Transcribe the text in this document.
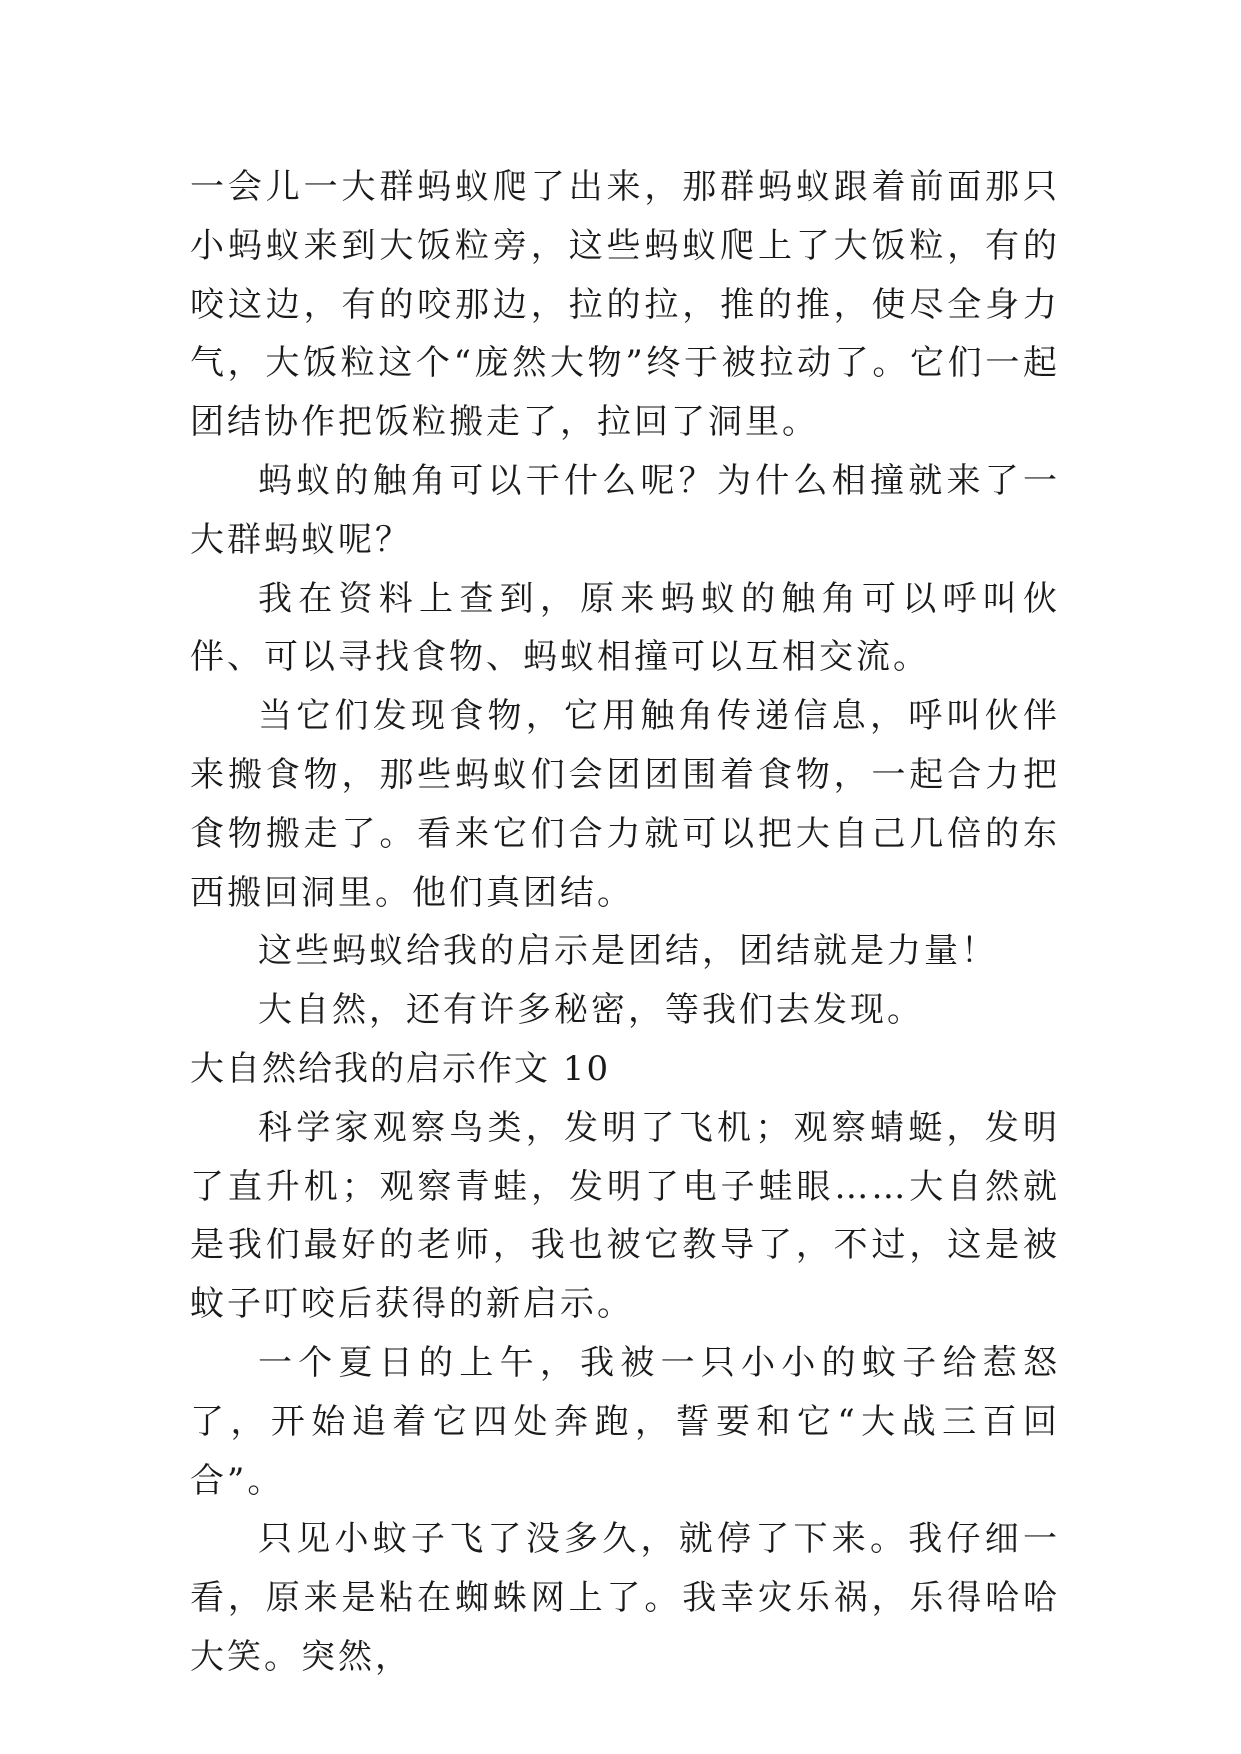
一会儿一大群蚂蚁爬了出来，那群蚂蚁跟着前面那只小蚂蚁来到大饭粒旁，这些蚂蚁爬上了大饭粒，有的咬这边，有的咬那边，拉的拉，推的推，使尽全身力气，大饭粒这个“庞然大物”终于被拉动了。它们一起团结协作把饭粒搬走了，拉回了洞里。

蚂蚁的触角可以干什么呢？为什么相撞就来了一大群蚂蚁呢？

我在资料上查到，原来蚂蚁的触角可以呼叫伙伴、可以寻找食物、蚂蚁相撞可以互相交流。

当它们发现食物，它用触角传递信息，呼叫伙伴来搬食物，那些蚂蚁们会团团围着食物，一起合力把食物搬走了。看来它们合力就可以把大自己几倍的东西搬回洞里。他们真团结。

这些蚂蚁给我的启示是团结，团结就是力量！

大自然，还有许多秘密，等我们去发现。

大自然给我的启示作文 10

科学家观察鸟类，发明了飞机；观察蜻蜓，发明了直升机；观察青蛙，发明了电子蛙眼……大自然就是我们最好的老师，我也被它教导了，不过，这是被蚊子叮咬后获得的新启示。

一个夏日的上午，我被一只小小的蚊子给惹怒了，开始追着它四处奔跑，誓要和它“大战三百回合”。

只见小蚊子飞了没多久，就停了下来。我仔细一看，原来是粘在蜘蛛网上了。我幸灾乐祸，乐得哈哈大笑。突然，
